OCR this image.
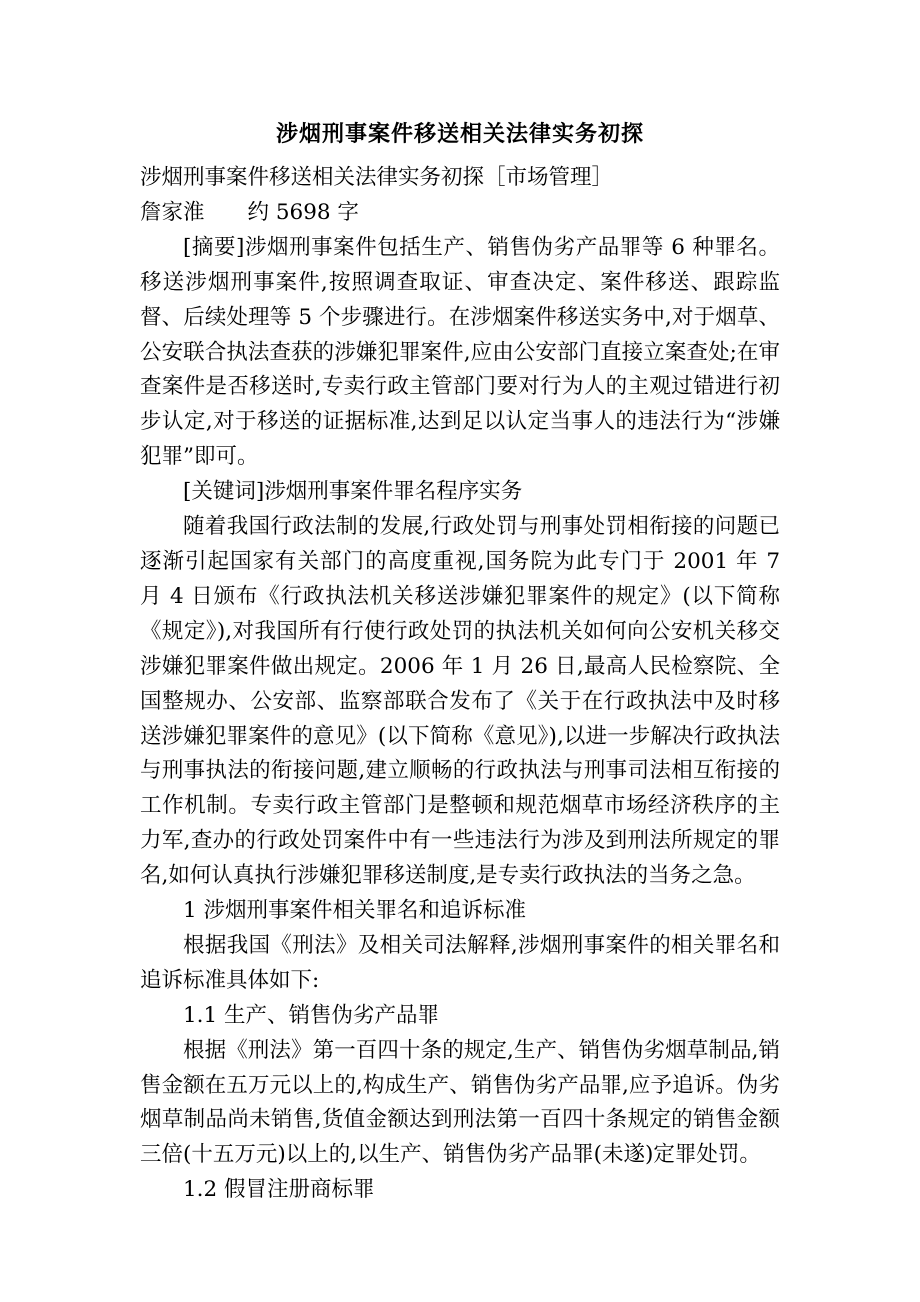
涉烟刑事案件移送相关法律实务初探

涉烟刑事案件移送相关法律实务初探［市场管理］

詹家淮　　约 5698 字

[摘要]涉烟刑事案件包括生产、销售伪劣产品罪等 6 种罪名。移送涉烟刑事案件,按照调查取证、审查决定、案件移送、跟踪监督、后续处理等 5 个步骤进行。在涉烟案件移送实务中,对于烟草、公安联合执法查获的涉嫌犯罪案件,应由公安部门直接立案查处;在审查案件是否移送时,专卖行政主管部门要对行为人的主观过错进行初步认定,对于移送的证据标准,达到足以认定当事人的违法行为“涉嫌犯罪”即可。

[关键词]涉烟刑事案件罪名程序实务

随着我国行政法制的发展,行政处罚与刑事处罚相衔接的问题已逐渐引起国家有关部门的高度重视,国务院为此专门于 2001 年 7 月 4 日颁布《行政执法机关移送涉嫌犯罪案件的规定》(以下简称《规定》),对我国所有行使行政处罚的执法机关如何向公安机关移交涉嫌犯罪案件做出规定。2006 年 1 月 26 日,最高人民检察院、全国整规办、公安部、监察部联合发布了《关于在行政执法中及时移送涉嫌犯罪案件的意见》(以下简称《意见》),以进一步解决行政执法与刑事执法的衔接问题,建立顺畅的行政执法与刑事司法相互衔接的工作机制。专卖行政主管部门是整顿和规范烟草市场经济秩序的主力军,查办的行政处罚案件中有一些违法行为涉及到刑法所规定的罪名,如何认真执行涉嫌犯罪移送制度,是专卖行政执法的当务之急。

1 涉烟刑事案件相关罪名和追诉标准

根据我国《刑法》及相关司法解释,涉烟刑事案件的相关罪名和追诉标准具体如下:

1.1 生产、销售伪劣产品罪

根据《刑法》第一百四十条的规定,生产、销售伪劣烟草制品,销售金额在五万元以上的,构成生产、销售伪劣产品罪,应予追诉。伪劣烟草制品尚未销售,货值金额达到刑法第一百四十条规定的销售金额三倍(十五万元)以上的,以生产、销售伪劣产品罪(未遂)定罪处罚。

1.2 假冒注册商标罪
